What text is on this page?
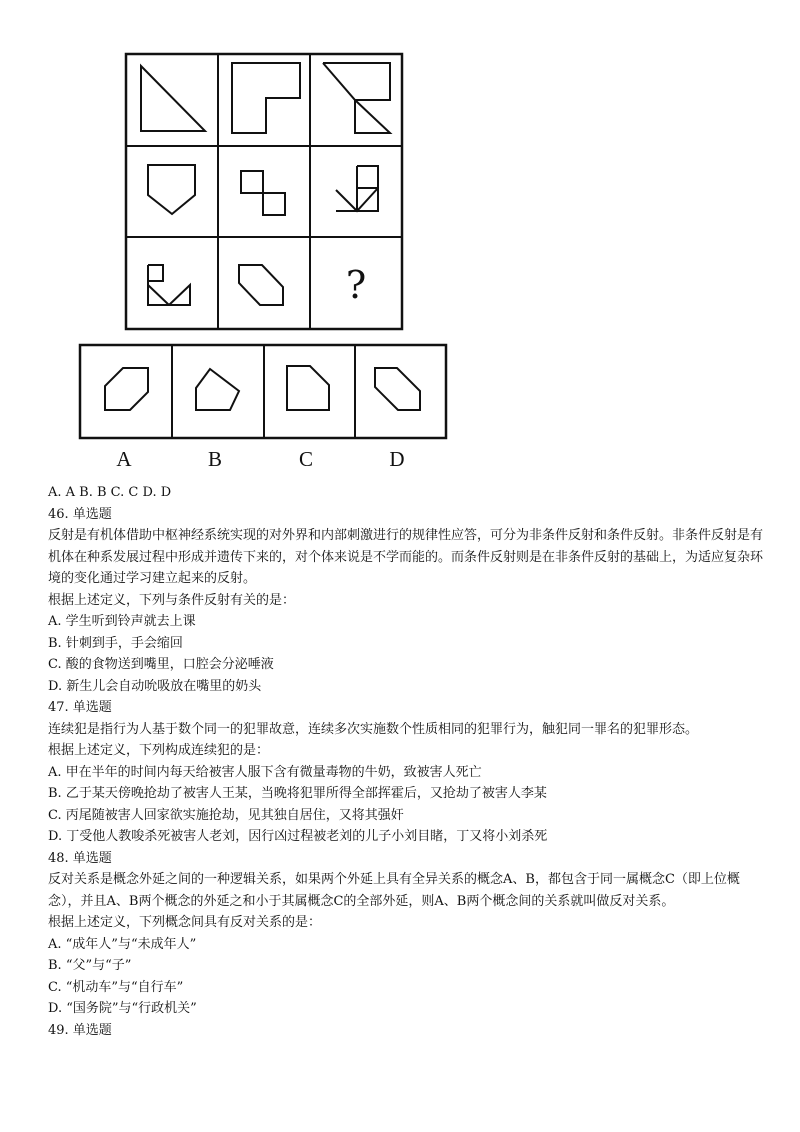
?
A	B	C	D

A. A B. B C. C D. D

46. 单选题

反射是有机体借助中枢神经系统实现的对外界和内部刺激进行的规律性应答，可分为非条件反射和条件反射。非条件反射是有机体在种系发展过程中形成并遗传下来的，对个体来说是不学而能的。而条件反射则是在非条件反射的基础上，为适应复杂环境的变化通过学习建立起来的反射。

根据上述定义，下列与条件反射有关的是：

A. 学生听到铃声就去上课

B. 针刺到手，手会缩回

C. 酸的食物送到嘴里，口腔会分泌唾液

D. 新生儿会自动吮吸放在嘴里的奶头

47. 单选题

连续犯是指行为人基于数个同一的犯罪故意，连续多次实施数个性质相同的犯罪行为，触犯同一罪名的犯罪形态。

根据上述定义，下列构成连续犯的是：

A. 甲在半年的时间内每天给被害人服下含有微量毒物的牛奶，致被害人死亡

B. 乙于某天傍晚抢劫了被害人王某，当晚将犯罪所得全部挥霍后，又抢劫了被害人李某

C. 丙尾随被害人回家欲实施抢劫，见其独自居住，又将其强奸

D. 丁受他人教唆杀死被害人老刘，因行凶过程被老刘的儿子小刘目睹，丁又将小刘杀死

48. 单选题

反对关系是概念外延之间的一种逻辑关系，如果两个外延上具有全异关系的概念A、B，都包含于同一属概念C（即上位概念），并且A、B两个概念的外延之和小于其属概念C的全部外延，则A、B两个概念间的关系就叫做反对关系。

根据上述定义，下列概念间具有反对关系的是：

A. “成年人”与“未成年人”

B. “父”与“子”

C. “机动车”与“自行车”

D. “国务院”与“行政机关”

49. 单选题
